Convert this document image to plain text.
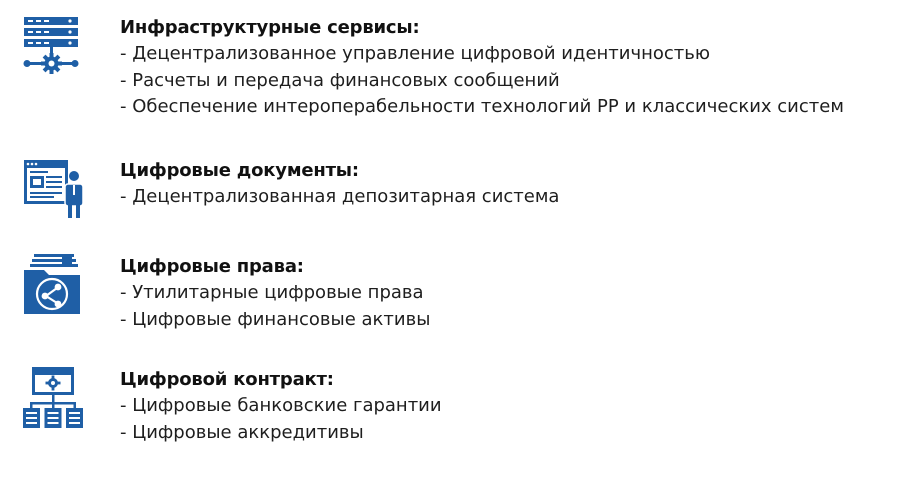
Инфраструктурные сервисы:
- Децентрализованное управление цифровой идентичностью
- Расчеты и передача финансовых сообщений
- Обеспечение интероперабельности технологий РР и классических систем
Цифровые документы:
- Децентрализованная депозитарная система
Цифровые права:
- Утилитарные цифровые права
- Цифровые финансовые активы
Цифровой контракт:
- Цифровые банковские гарантии
- Цифровые аккредитивы
